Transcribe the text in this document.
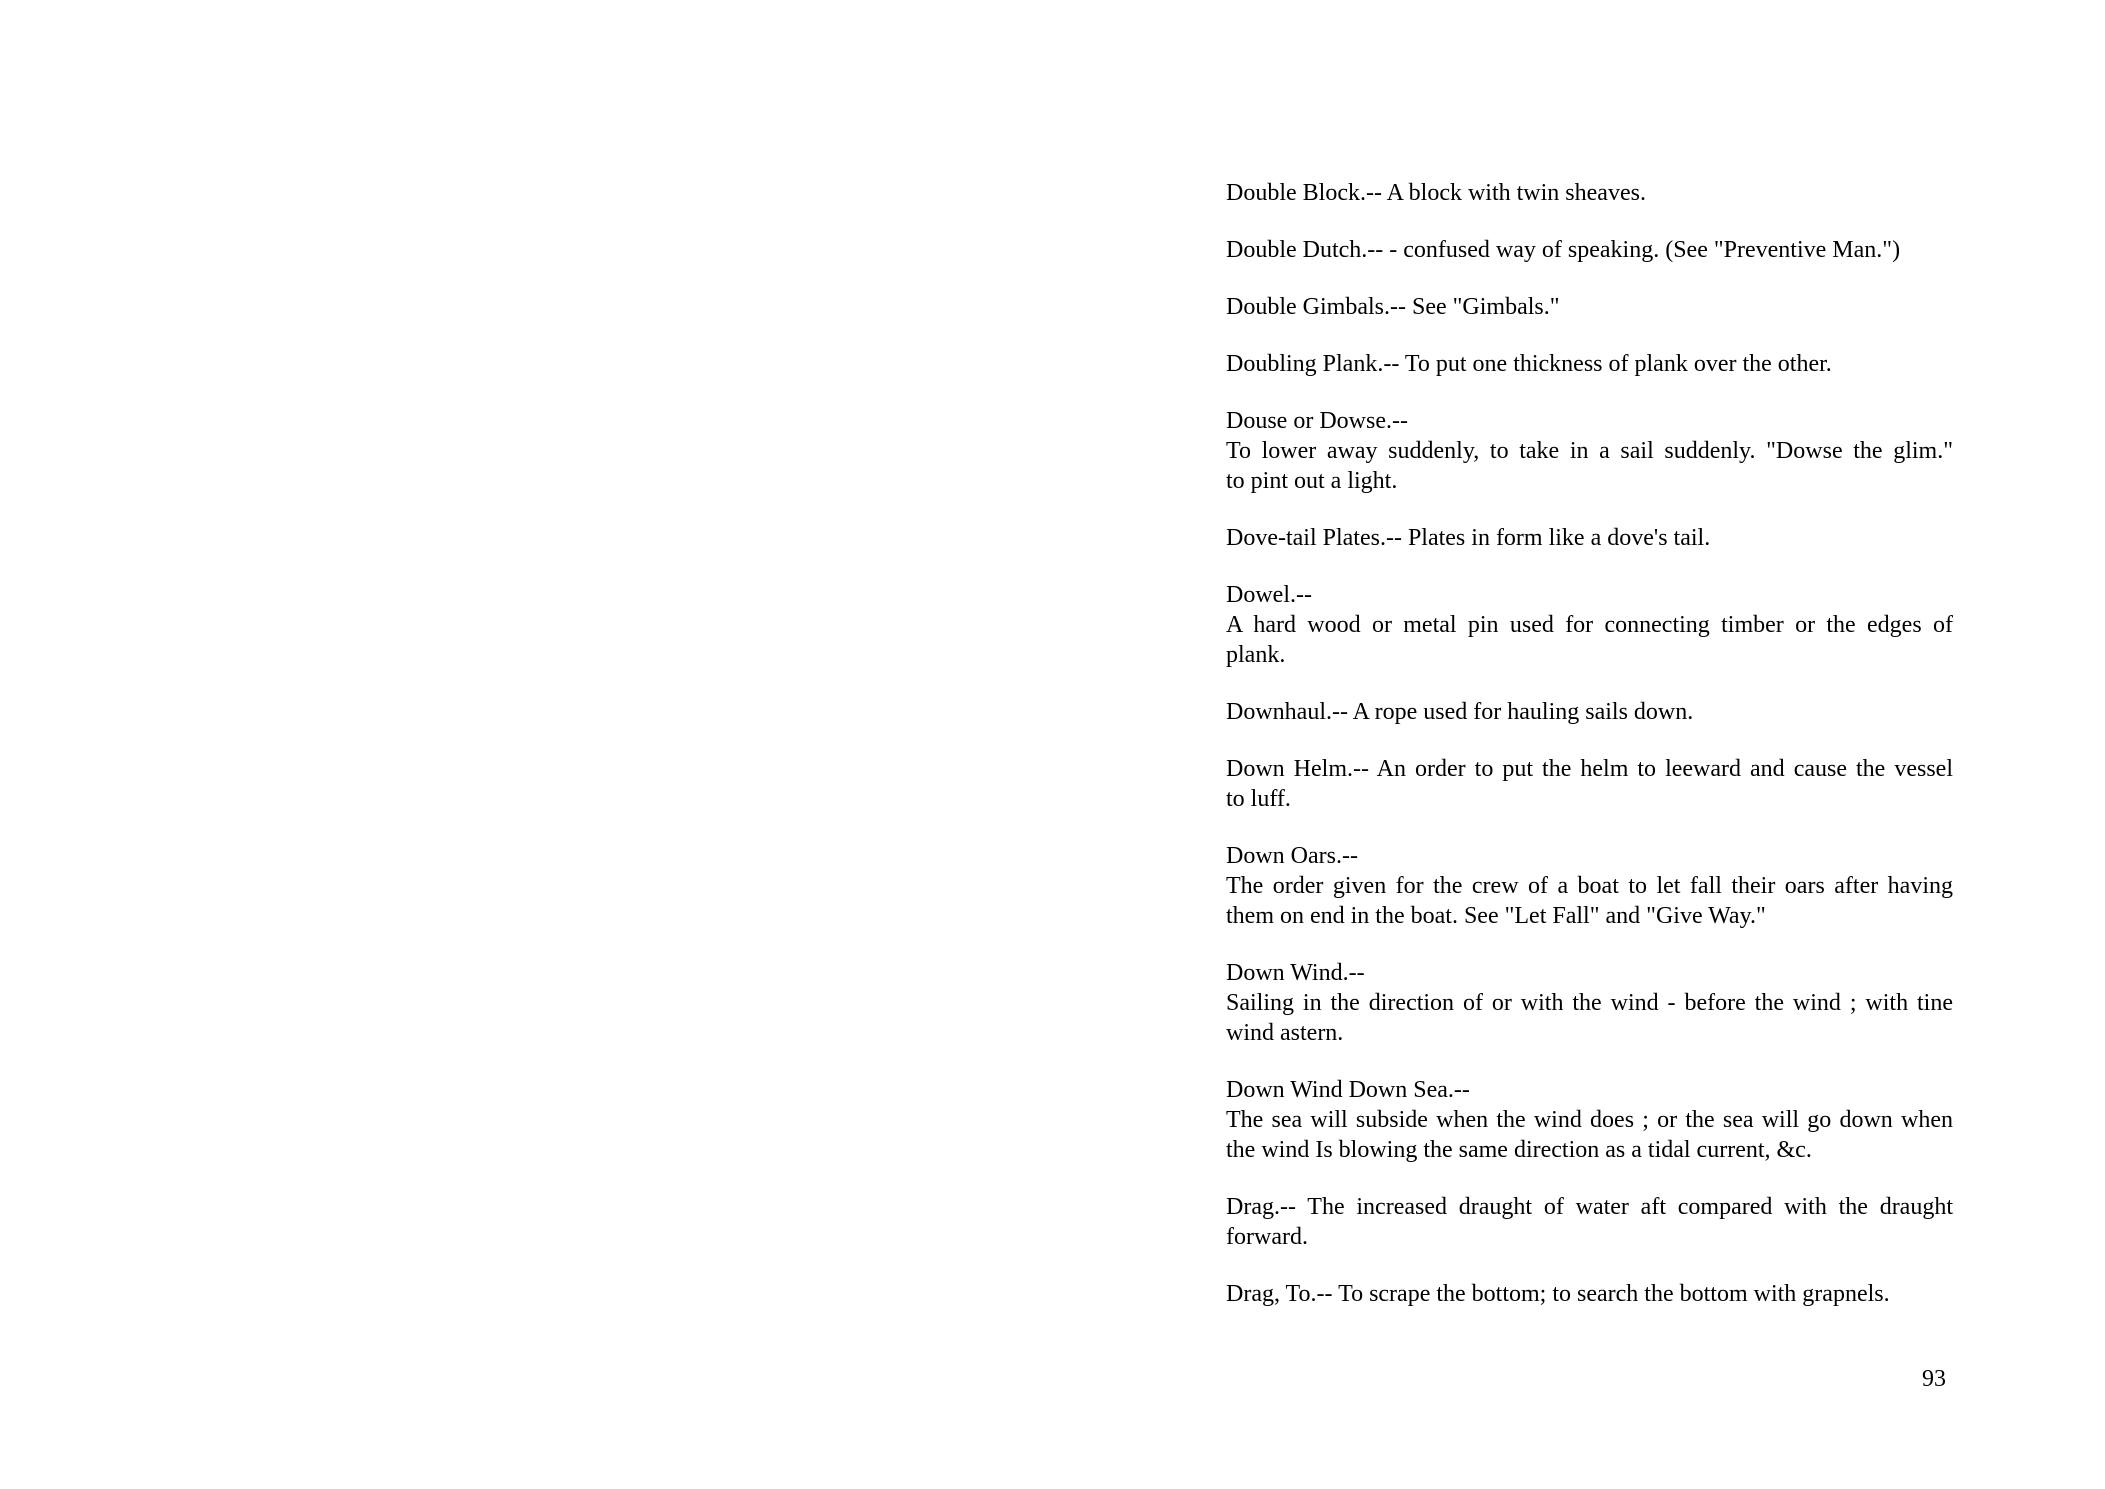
Double Block.-- A block with twin sheaves.
Double Dutch.-- - confused way of speaking. (See "Preventive Man.")
Double Gimbals.-- See "Gimbals."
Doubling Plank.-- To put one thickness of plank over the other.
Douse or Dowse.--
To lower away suddenly, to take in a sail suddenly. "Dowse the glim."
to pint out a light.
Dove-tail Plates.-- Plates in form like a dove's tail.
Dowel.--
A hard wood or metal pin used for connecting timber or the edges of
plank.
Downhaul.-- A rope used for hauling sails down.
Down Helm.-- An order to put the helm to leeward and cause the vessel
to luff.
Down Oars.--
The order given for the crew of a boat to let fall their oars after having
them on end in the boat. See "Let Fall" and "Give Way."
Down Wind.--
Sailing in the direction of or with the wind - before the wind ; with tine
wind astern.
Down Wind Down Sea.--
The sea will subside when the wind does ; or the sea will go down when
the wind Is blowing the same direction as a tidal current, &c.
Drag.-- The increased draught of water aft compared with the draught
forward.
Drag, To.-- To scrape the bottom; to search the bottom with grapnels.
93
